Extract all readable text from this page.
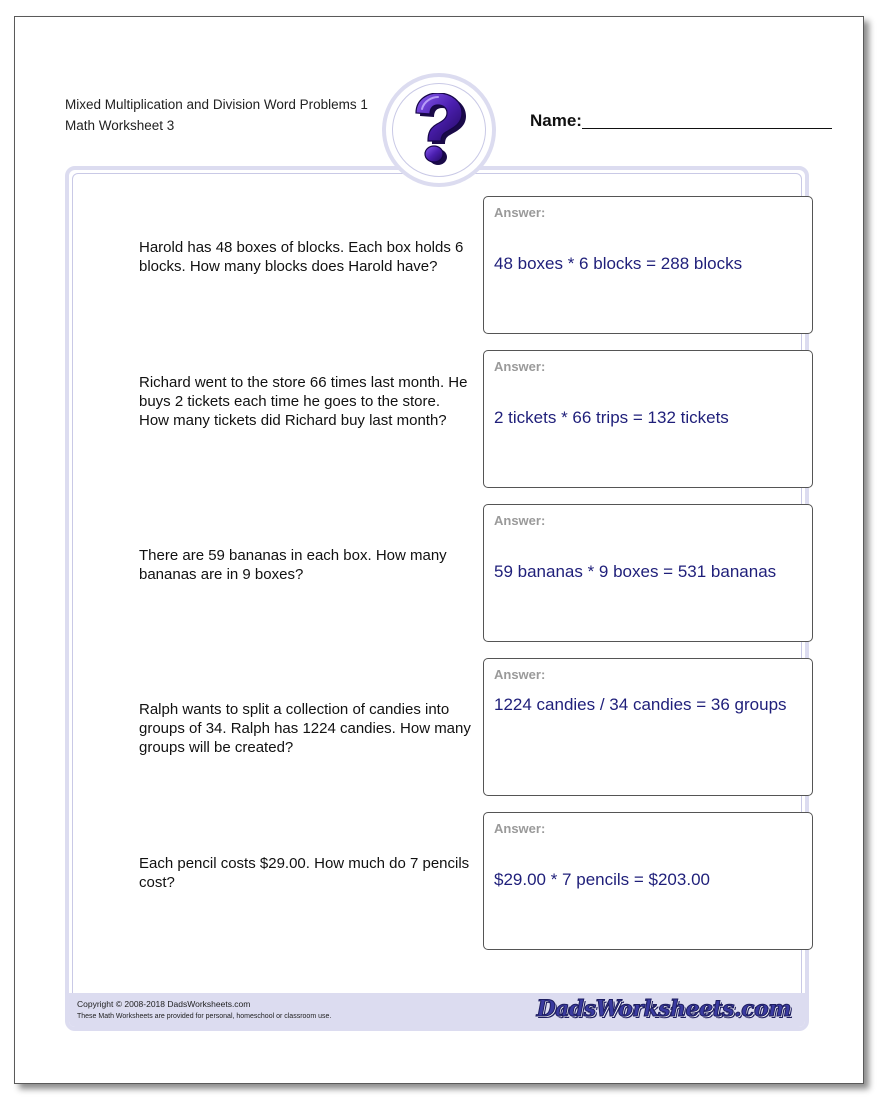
Mixed Multiplication and Division Word Problems 1
Math Worksheet 3	Name:
Harold has 48 boxes of blocks. Each box holds 6 blocks. How many blocks does Harold have?
Answer:
48 boxes * 6 blocks = 288 blocks
Richard went to the store 66 times last month. He buys 2 tickets each time he goes to the store. How many tickets did Richard buy last month?
Answer:
2 tickets * 66 trips = 132 tickets
There are 59 bananas in each box. How many bananas are in 9 boxes?
Answer:
59 bananas * 9 boxes = 531 bananas
Ralph wants to split a collection of candies into groups of 34. Ralph has 1224 candies. How many groups will be created?
Answer:
1224 candies / 34 candies = 36 groups
Each pencil costs $29.00. How much do 7 pencils cost?
Answer:
$29.00 * 7 pencils = $203.00
Copyright © 2008-2018 DadsWorksheets.com
These Math Worksheets are provided for personal, homeschool or classroom use.	DadsWorksheets.com
